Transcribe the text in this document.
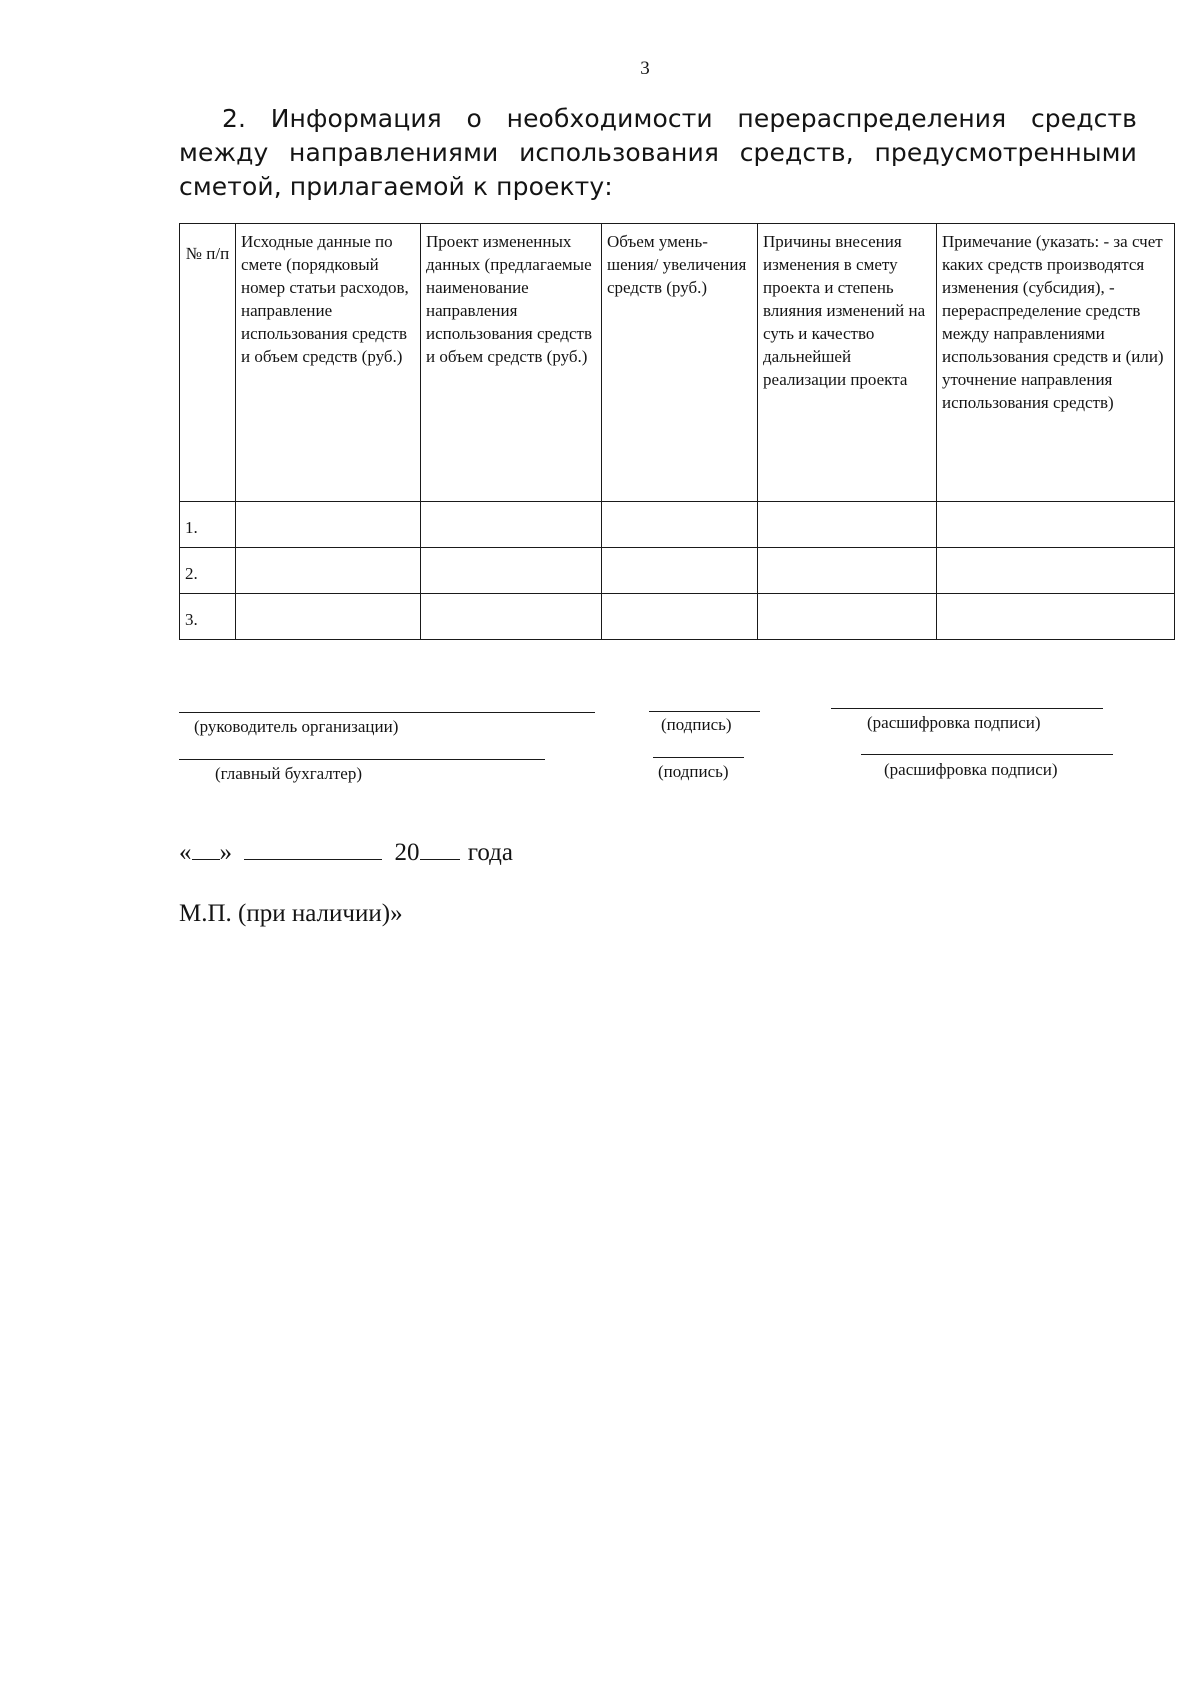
3
2. Информация о необходимости перераспределения средств между направлениями использования средств, предусмотренными сметой, прилагаемой к проекту:
№ п/п	Исходные данные по смете (порядковый номер статьи расходов, направление использования средств и объем средств (руб.)	Проект измененных данных (предлагаемые наименование направления использования средств и объем средств (руб.)	Объем уменьшения/ увеличения средств (руб.)	Причины внесения изменения в смету проекта и степень влияния изменений на суть и качество дальнейшей реализации проекта	Примечание (указать: - за счет каких средств производятся изменения (субсидия), - перераспределение средств между направлениями использования средств и (или) уточнение направления использования средств)
1.					
2.					
3.					
(руководитель организации)	(подпись)	(расшифровка подписи)
(главный бухгалтер)	(подпись)	(расшифровка подписи)
« »	20 года
М.П. (при наличии)»
